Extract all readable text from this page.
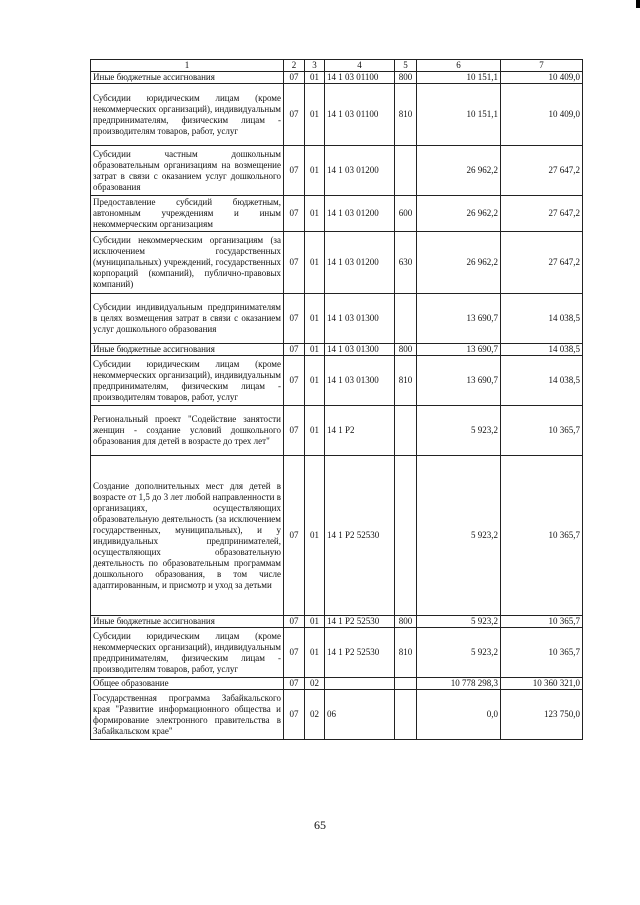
1	2	3	4	5	6	7
Иные бюджетные ассигнования	07	01	14 1 03 01100	800	10 151,1	10 409,0
Субсидии юридическим лицам (кроме некоммерческих организаций), индивидуальным предпринимателям, физическим лицам - производителям товаров, работ, услуг	07	01	14 1 03 01100	810	10 151,1	10 409,0
Субсидии частным дошкольным образовательным организациям на возмещение затрат в связи с оказанием услуг дошкольного образования	07	01	14 1 03 01200		26 962,2	27 647,2
Предоставление субсидий бюджетным, автономным учреждениям и иным некоммерческим организациям	07	01	14 1 03 01200	600	26 962,2	27 647,2
Субсидии некоммерческим организациям (за исключением государственных (муниципальных) учреждений, государственных корпораций (компаний), публично-правовых компаний)	07	01	14 1 03 01200	630	26 962,2	27 647,2
Субсидии индивидуальным предпринимателям в целях возмещения затрат в связи с оказанием услуг дошкольного образования	07	01	14 1 03 01300		13 690,7	14 038,5
Иные бюджетные ассигнования	07	01	14 1 03 01300	800	13 690,7	14 038,5
Субсидии юридическим лицам (кроме некоммерческих организаций), индивидуальным предпринимателям, физическим лицам - производителям товаров, работ, услуг	07	01	14 1 03 01300	810	13 690,7	14 038,5
Региональный проект "Содействие занятости женщин - создание условий дошкольного образования для детей в возрасте до трех лет"	07	01	14 1 P2		5 923,2	10 365,7
Создание дополнительных мест для детей в возрасте от 1,5 до 3 лет любой направленности в организациях, осуществляющих образовательную деятельность (за исключением государственных, муниципальных), и у индивидуальных предпринимателей, осуществляющих образовательную деятельность по образовательным программам дошкольного образования, в том числе адаптированным, и присмотр и уход за детьми	07	01	14 1 P2 52530		5 923,2	10 365,7
Иные бюджетные ассигнования	07	01	14 1 P2 52530	800	5 923,2	10 365,7
Субсидии юридическим лицам (кроме некоммерческих организаций), индивидуальным предпринимателям, физическим лицам - производителям товаров, работ, услуг	07	01	14 1 P2 52530	810	5 923,2	10 365,7
Общее образование	07	02			10 778 298,3	10 360 321,0
Государственная программа Забайкальского края "Развитие информационного общества и формирование электронного правительства в Забайкальском крае"	07	02	06		0,0	123 750,0
65
